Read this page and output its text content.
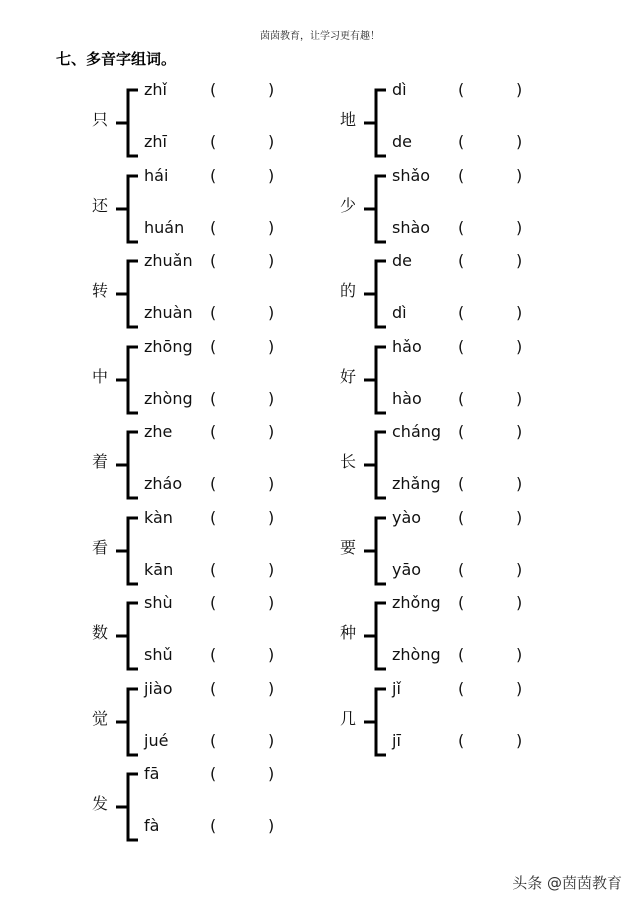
茵茵教育，让学习更有趣！
七、多音字组词。
只
zhǐ	(	)
zhī	(	)
还
hái	(	)
huán (	)
转
zhuǎn (	)
zhuàn (	)
中
zhōng (	)
zhòng (	)
着
zhe (	)
zháo (	)
看
kàn (	)
kān (	)
数
shù (	)
shǔ (	)
觉
jiào (	)
jué	(	)
发
fā	(	)
fà	(	)
地
dì	(	)
de	(	)
少
shǎo (	)
shào (	)
的
de	(	)
dì	(	)
好
hǎo (	)
hào (	)
长
cháng (	)
zhǎng (	)
要
yào (	)
yāo (	)
种
zhǒng (	)
zhòng (	)
几
jǐ	(	)
jī	(	)
头条 @茵茵教育
